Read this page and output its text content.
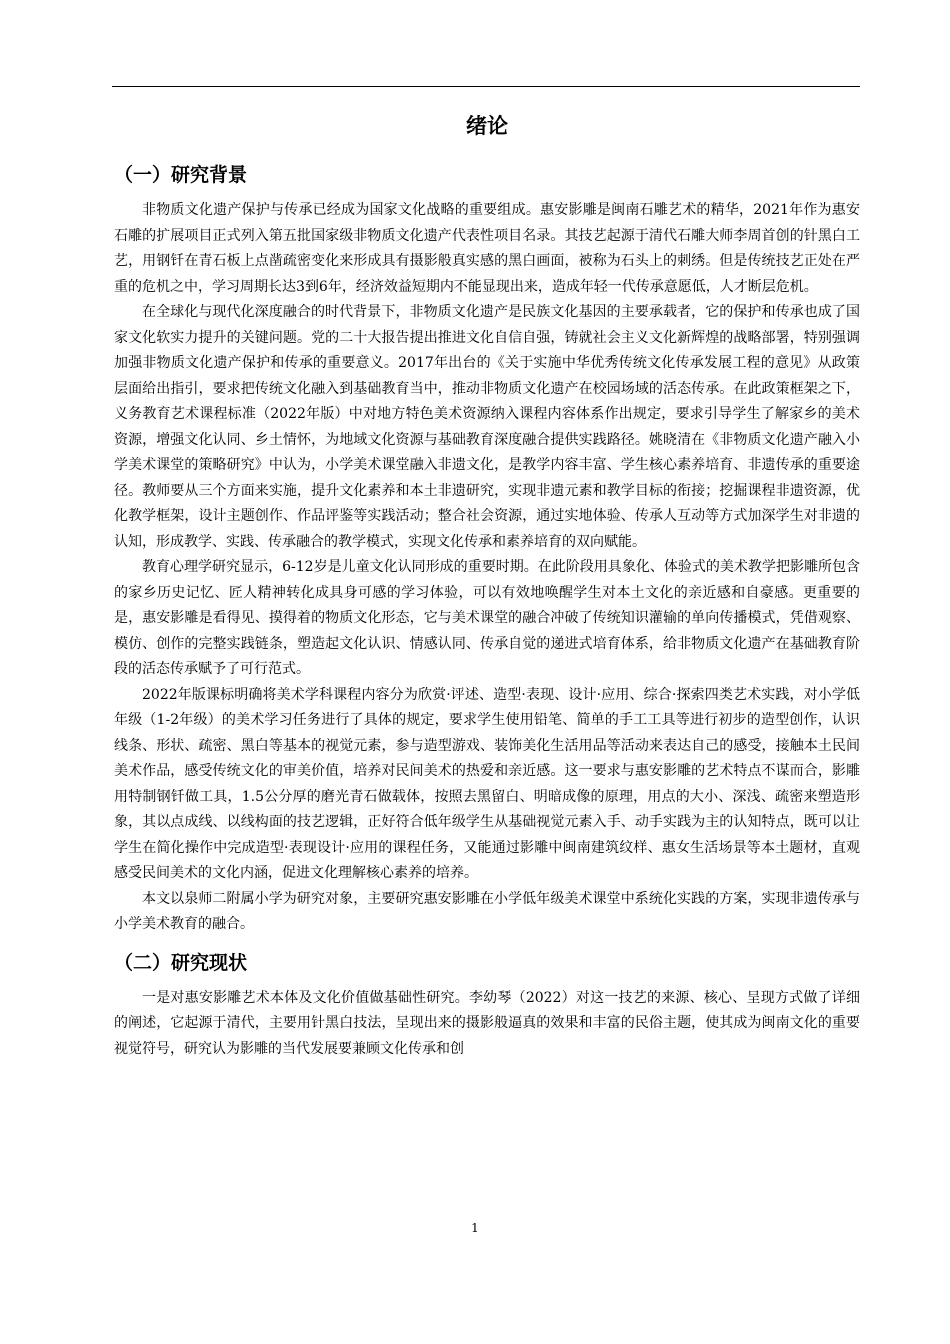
绪论
（一）研究背景

非物质文化遗产保护与传承已经成为国家文化战略的重要组成。惠安影雕是闽南石雕艺术的精华，2021年作为惠安石雕的扩展项目正式列入第五批国家级非物质文化遗产代表性项目名录。其技艺起源于清代石雕大师李周首创的针黑白工艺，用钢钎在青石板上点凿疏密变化来形成具有摄影般真实感的黑白画面，被称为石头上的刺绣。但是传统技艺正处在严重的危机之中，学习周期长达3到6年，经济效益短期内不能显现出来，造成年轻一代传承意愿低，人才断层危机。

在全球化与现代化深度融合的时代背景下，非物质文化遗产是民族文化基因的主要承载者，它的保护和传承也成了国家文化软实力提升的关键问题。党的二十大报告提出推进文化自信自强，铸就社会主义文化新辉煌的战略部署，特别强调加强非物质文化遗产保护和传承的重要意义。2017年出台的《关于实施中华优秀传统文化传承发展工程的意见》从政策层面给出指引，要求把传统文化融入到基础教育当中，推动非物质文化遗产在校园场域的活态传承。在此政策框架之下，义务教育艺术课程标准（2022年版）中对地方特色美术资源纳入课程内容体系作出规定，要求引导学生了解家乡的美术资源，增强文化认同、乡土情怀，为地域文化资源与基础教育深度融合提供实践路径。姚晓清在《非物质文化遗产融入小学美术课堂的策略研究》中认为，小学美术课堂融入非遗文化，是教学内容丰富、学生核心素养培育、非遗传承的重要途径。教师要从三个方面来实施，提升文化素养和本土非遗研究，实现非遗元素和教学目标的衔接；挖掘课程非遗资源，优化教学框架，设计主题创作、作品评鉴等实践活动；整合社会资源，通过实地体验、传承人互动等方式加深学生对非遗的认知，形成教学、实践、传承融合的教学模式，实现文化传承和素养培育的双向赋能。

教育心理学研究显示，6-12岁是儿童文化认同形成的重要时期。在此阶段用具象化、体验式的美术教学把影雕所包含的家乡历史记忆、匠人精神转化成具身可感的学习体验，可以有效地唤醒学生对本土文化的亲近感和自豪感。更重要的是，惠安影雕是看得见、摸得着的物质文化形态，它与美术课堂的融合冲破了传统知识灌输的单向传播模式，凭借观察、模仿、创作的完整实践链条，塑造起文化认识、情感认同、传承自觉的递进式培育体系，给非物质文化遗产在基础教育阶段的活态传承赋予了可行范式。

2022年版课标明确将美术学科课程内容分为欣赏·评述、造型·表现、设计·应用、综合·探索四类艺术实践，对小学低年级（1-2年级）的美术学习任务进行了具体的规定，要求学生使用铅笔、简单的手工工具等进行初步的造型创作，认识线条、形状、疏密、黑白等基本的视觉元素，参与造型游戏、装饰美化生活用品等活动来表达自己的感受，接触本土民间美术作品，感受传统文化的审美价值，培养对民间美术的热爱和亲近感。这一要求与惠安影雕的艺术特点不谋而合，影雕用特制钢钎做工具，1.5公分厚的磨光青石做载体，按照去黑留白、明暗成像的原理，用点的大小、深浅、疏密来塑造形象，其以点成线、以线构面的技艺逻辑，正好符合低年级学生从基础视觉元素入手、动手实践为主的认知特点，既可以让学生在简化操作中完成造型·表现设计·应用的课程任务，又能通过影雕中闽南建筑纹样、惠女生活场景等本土题材，直观感受民间美术的文化内涵，促进文化理解核心素养的培养。

本文以泉师二附属小学为研究对象，主要研究惠安影雕在小学低年级美术课堂中系统化实践的方案，实现非遗传承与小学美术教育的融合。

（二）研究现状

一是对惠安影雕艺术本体及文化价值做基础性研究。李幼琴（2022）对这一技艺的来源、核心、呈现方式做了详细的阐述，它起源于清代，主要用针黑白技法，呈现出来的摄影般逼真的效果和丰富的民俗主题，使其成为闽南文化的重要视觉符号，研究认为影雕的当代发展要兼顾文化传承和创

1
